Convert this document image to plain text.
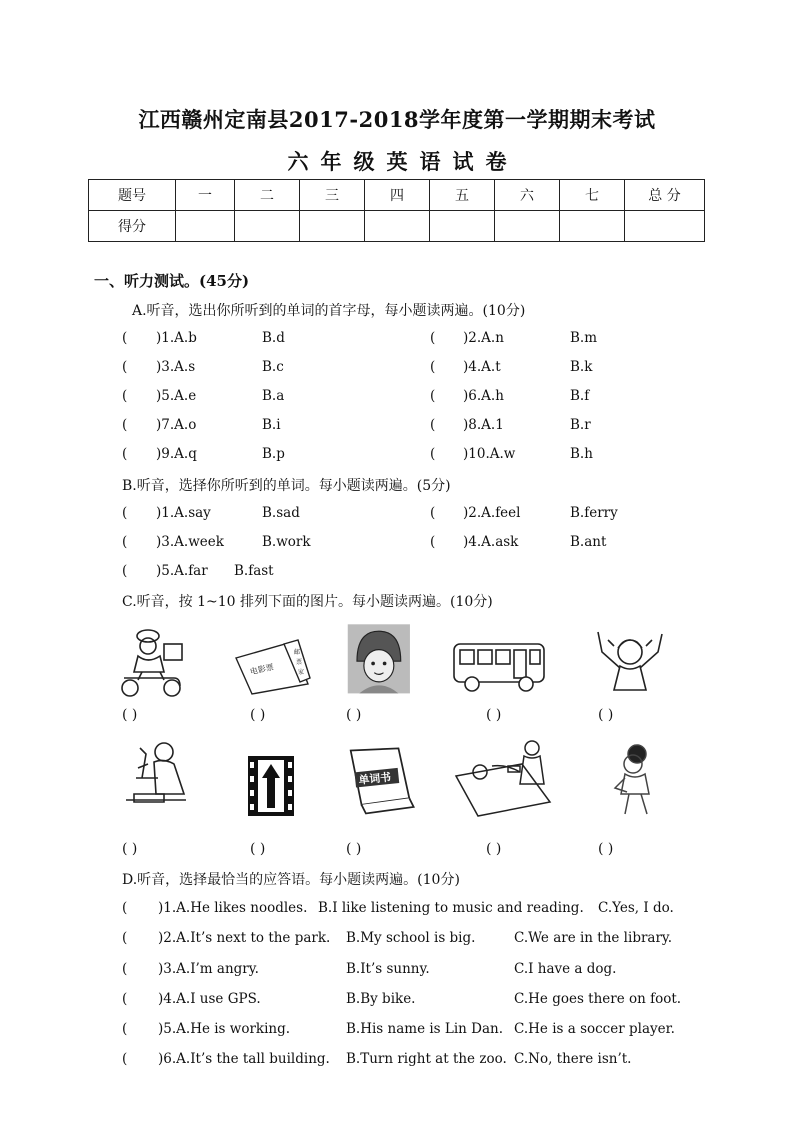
江西赣州定南县2017-2018学年度第一学期期末考试
六 年 级 英 语 试 卷
题号	一	二	三	四	五	六	七	总 分
得分								
一、听力测试。(45分)
A.听音，选出你所听到的单词的首字母，每小题读两遍。(10分)
( )1.A.b	B.d	( )2.A.n	B.m
( )3.A.s	B.c	( )4.A.t	B.k
( )5.A.e	B.a	( )6.A.h	B.f
( )7.A.o	B.i	( )8.A.1	B.r
( )9.A.q	B.p	( )10.A.w	B.h
B.听音，选择你所听到的单词。每小题读两遍。(5分)
( )1.A.say	B.sad	( )2.A.feel	B.ferry
( )3.A.week	B.work	( )4.A.ask	B.ant
( )5.A.far B.fast
C.听音，按 1~10 排列下面的图片。每小题读两遍。(10分)
电影票
邮
票
家
( )	( )	( )	( )	( )
单词书
( )	( )	( )	( )	( )
D.听音，选择最恰当的应答语。每小题读两遍。(10分)
( )1.A.He likes noodles. B.I like listening to music and reading. C.Yes, I do.
( )2.A.It’s next to the park. B.My school is big.	C.We are in the library.
( )3.A.I’m angry.	B.It’s sunny.	C.I have a dog.
( )4.A.I use GPS.	B.By bike.	C.He goes there on foot.
( )5.A.He is working.	B.His name is Lin Dan. C.He is a soccer player.
( )6.A.It’s the tall building. B.Turn right at the zoo. C.No, there isn’t.
